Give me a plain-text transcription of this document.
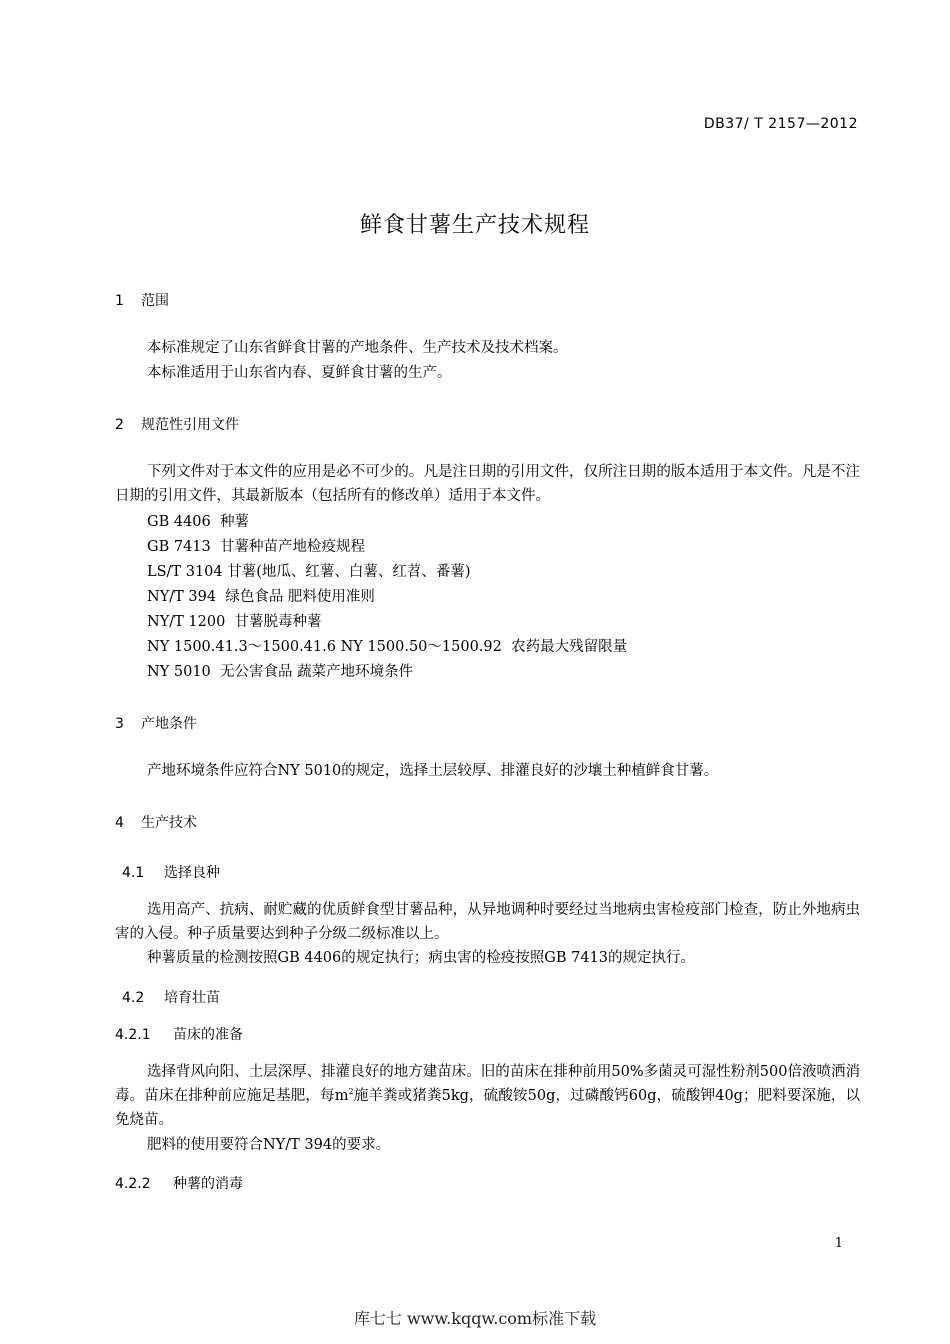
DB37/ T 2157—2012
鲜食甘薯生产技术规程
1 范围
本标准规定了山东省鲜食甘薯的产地条件、生产技术及技术档案。
本标准适用于山东省内春、夏鲜食甘薯的生产。
2 规范性引用文件
下列文件对于本文件的应用是必不可少的。凡是注日期的引用文件，仅所注日期的版本适用于本文件。凡是不注日期的引用文件，其最新版本（包括所有的修改单）适用于本文件。
GB 4406  种薯
GB 7413  甘薯种苗产地检疫规程
LS/T 3104 甘薯(地瓜、红薯、白薯、红苕、番薯)
NY/T 394  绿色食品 肥料使用准则
NY/T 1200  甘薯脱毒种薯
NY 1500.41.3～1500.41.6 NY 1500.50～1500.92  农药最大残留限量
NY 5010  无公害食品 蔬菜产地环境条件
3 产地条件
产地环境条件应符合NY 5010的规定，选择土层较厚、排灌良好的沙壤土种植鲜食甘薯。
4 生产技术
4.1 选择良种
选用高产、抗病、耐贮藏的优质鲜食型甘薯品种，从异地调种时要经过当地病虫害检疫部门检查，防止外地病虫害的入侵。种子质量要达到种子分级二级标准以上。
种薯质量的检测按照GB 4406的规定执行；病虫害的检疫按照GB 7413的规定执行。
4.2 培育壮苗
4.2.1 苗床的准备
选择背风向阳、土层深厚、排灌良好的地方建苗床。旧的苗床在排种前用50%多菌灵可湿性粉剂500倍液喷洒消毒。苗床在排种前应施足基肥，每$m^2$施羊粪或猪粪5kg，硫酸铵50g，过磷酸钙60g，硫酸钾40g；肥料要深施，以免烧苗。
肥料的使用要符合NY/T 394的要求。
4.2.2 种薯的消毒
1
库七七 www.kqqw.com标准下载
